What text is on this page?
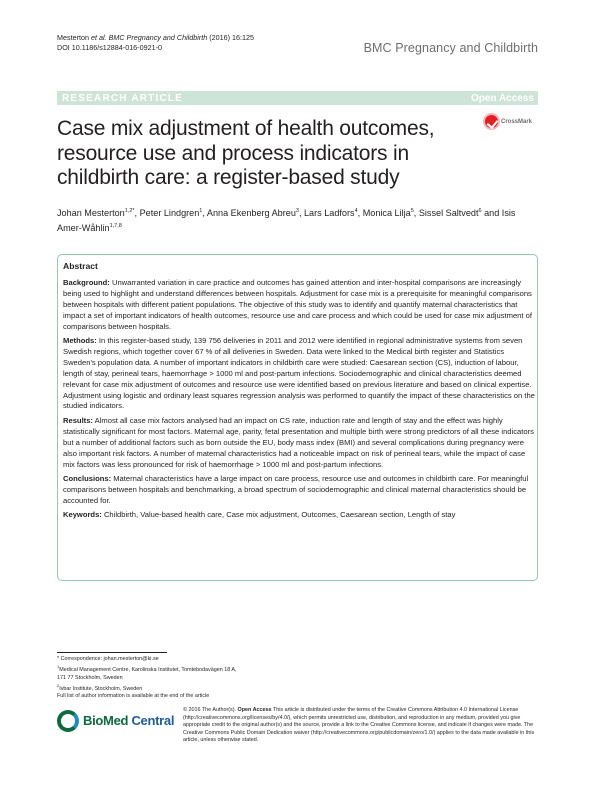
Mesterton et al. BMC Pregnancy and Childbirth (2016) 16:125
DOI 10.1186/s12884-016-0921-0	BMC Pregnancy and Childbirth
RESEARCH ARTICLE	Open Access
CrossMark
Case mix adjustment of health outcomes, resource use and process indicators in childbirth care: a register-based study
Johan Mesterton$^{1,2*}$, Peter Lindgren$^1$, Anna Ekenberg Abreu$^3$, Lars Ladfors$^4$, Monica Lilja$^5$, Sissel Saltvedt$^6$ and Isis Amer-Wåhlin$^{1,7,8}$
Abstract

Background: Unwarranted variation in care practice and outcomes has gained attention and inter-hospital comparisons are increasingly being used to highlight and understand differences between hospitals. Adjustment for case mix is a prerequisite for meaningful comparisons between hospitals with different patient populations. The objective of this study was to identify and quantify maternal characteristics that impact a set of important indicators of health outcomes, resource use and care process and which could be used for case mix adjustment of comparisons between hospitals.

Methods: In this register-based study, 139 756 deliveries in 2011 and 2012 were identified in regional administrative systems from seven Swedish regions, which together cover 67 % of all deliveries in Sweden. Data were linked to the Medical birth register and Statistics Sweden's population data. A number of important indicators in childbirth care were studied: Caesarean section (CS), induction of labour, length of stay, perineal tears, haemorrhage > 1000 ml and post-partum infections. Sociodemographic and clinical characteristics deemed relevant for case mix adjustment of outcomes and resource use were identified based on previous literature and based on clinical expertise. Adjustment using logistic and ordinary least squares regression analysis was performed to quantify the impact of these characteristics on the studied indicators.

Results: Almost all case mix factors analysed had an impact on CS rate, induction rate and length of stay and the effect was highly statistically significant for most factors. Maternal age, parity, fetal presentation and multiple birth were strong predictors of all these indicators but a number of additional factors such as born outside the EU, body mass index (BMI) and several complications during pregnancy were also important risk factors. A number of maternal characteristics had a noticeable impact on risk of perineal tears, while the impact of case mix factors was less pronounced for risk of haemorrhage > 1000 ml and post-partum infections.

Conclusions: Maternal characteristics have a large impact on care process, resource use and outcomes in childbirth care. For meaningful comparisons between hospitals and benchmarking, a broad spectrum of sociodemographic and clinical maternal characteristics should be accounted for.

Keywords: Childbirth, Value-based health care, Case mix adjustment, Outcomes, Caesarean section, Length of stay

* Correspondence: johan.mesterton@ki.se
$^1$Medical Management Centre, Karolinska Institutet, Tomtebodavägen 18 A,
171 77 Stockholm, Sweden
$^2$Ivbar Institute, Stockholm, Sweden
Full list of author information is available at the end of the article
BioMed Central
© 2016 The Author(s). Open Access This article is distributed under the terms of the Creative Commons Attribution 4.0 International License (http://creativecommons.org/licenses/by/4.0/), which permits unrestricted use, distribution, and reproduction in any medium, provided you give appropriate credit to the original author(s) and the source, provide a link to the Creative Commons license, and indicate if changes were made. The Creative Commons Public Domain Dedication waiver (http://creativecommons.org/publicdomain/zero/1.0/) applies to the data made available in this article, unless otherwise stated.
